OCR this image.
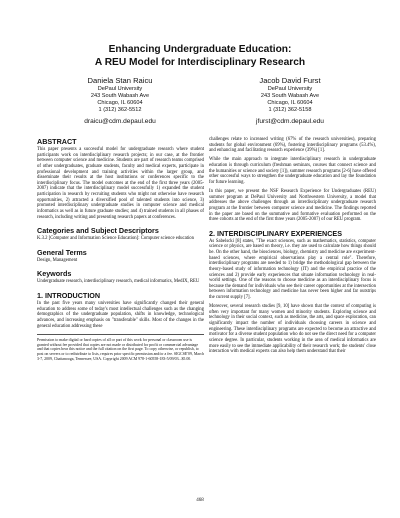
Enhancing Undergraduate Education:
A REU Model for Interdisciplinary Research
Daniela Stan Raicu
DePaul University
243 South Wabash Ave
Chicago, IL 60604
1 (312) 362-5512
draicu@cdm.depaul.edu
Jacob David Furst
DePaul University
243 South Wabash Ave
Chicago, IL 60604
1 (312) 362-5158
jfurst@cdm.depaul.edu
ABSTRACT

This paper presents a successful model for undergraduate research where student participants work on interdisciplinary research projects; in our case, at the frontier between computer science and medicine. Students are part of research teams comprised of other undergraduates, graduate students, faculty and medical experts, participate in professional development and training activities within the larger group, and disseminate their results at the host institutions or conferences specific to the interdisciplinary focus. The model outcomes at the end of the first three years (2005-2007) indicate that the interdisciplinary model successfully 1) expanded the student participation in research by recruiting students who might not otherwise have research opportunities, 2) attracted a diversified pool of talented students into science, 3) promoted interdisciplinary undergraduate studies in computer science and medical informatics as well as in future graduate studies; and 4) trained students in all phases of research, including writing and presenting research papers at conferences.

Categories and Subject Descriptors

K.3.2 [Computer and Information Science Education]: Computer science education

General Terms

Design, Management

Keywords

Undergraduate research, interdisciplinary research, medical informatics, MedIX, REU

1. INTRODUCTION

In the past five years many universities have significantly changed their general education to address some of today's most intellectual challenges such as the changing demographics of the undergraduate population, shifts in knowledge, technological advances, and increasing emphasis on "transferable" skills. Most of the changes in the general education addressing these

Permission to make digital or hard copies of all or part of this work for personal or classroom use is granted without fee provided that copies are not made or distributed for profit or commercial advantage and that copies bear this notice and the full citation on the first page. To copy otherwise, or republish, to post on servers or to redistribute to lists, requires prior specific permission and/or a fee. SIGCSE'09, March 3-7, 2009, Chattanooga, Tennessee, USA. Copyright 2009 ACM 978-1-60558-183-5/09/03...$5.00.

challenges relate to increased writing (67% of the research universities), preparing students for global environment (69%), fostering interdisciplinary programs (53.4%), and enhancing and facilitating research experience (39%) [1].

While the main approach to integrate interdisciplinary research in undergraduate education is through curriculum (freshman seminars, courses that connect science and the humanities or science and society [1]), summer research programs [2-6] have offered other successful ways to strengthen the undergraduate education and lay the foundation for future learning.

In this paper, we present the NSF Research Experience for Undergraduates (REU) summer program at DePaul University and Northwestern University, a model that addresses the above challenges through an interdisciplinary undergraduate research program at the frontier between computer science and medicine. The findings reported in the paper are based on the summative and formative evaluation performed on the three cohorts at the end of the first three years (2005-2007) of our REU program.

2. INTERDISCIPLINARY EXPERIENCES

As Sabelscki [8] states, "The exact sciences, such as mathematics, statistics, computer science or physics, are based on theory, i.e. they are used to calculate how things should be. On the other hand, the biosciences, biology, chemistry and medicine are experiment-based sciences, where empirical observations play a central role". Therefore, interdisciplinary programs are needed to 1) bridge the methodological gap between the theory-based study of information technology (IT) and the empirical practice of the sciences and 2) provide early experiences that situate information technology in real-world settings. One of the reasons to choose medicine as an interdisciplinary focus is because the demand for individuals who see their career opportunities at the intersection between information technology and medicine has never been higher and far outstrips the current supply [7].

Moreover, several research studies [9, 10] have shown that the context of computing is often very important for many women and minority students. Exploring science and technology in their social context, such as medicine, the arts, and space exploration, can significantly impact the number of individuals choosing careers in science and engineering. These interdisciplinary programs are expected to become an attractive and motivator for a diverse student population who do not see the direct need for a computer science degree. In particular, students working in the area of medical informatics are more easily to see the immediate applicability of their research work; the students' close interaction with medical experts can also help them understand that their

468
